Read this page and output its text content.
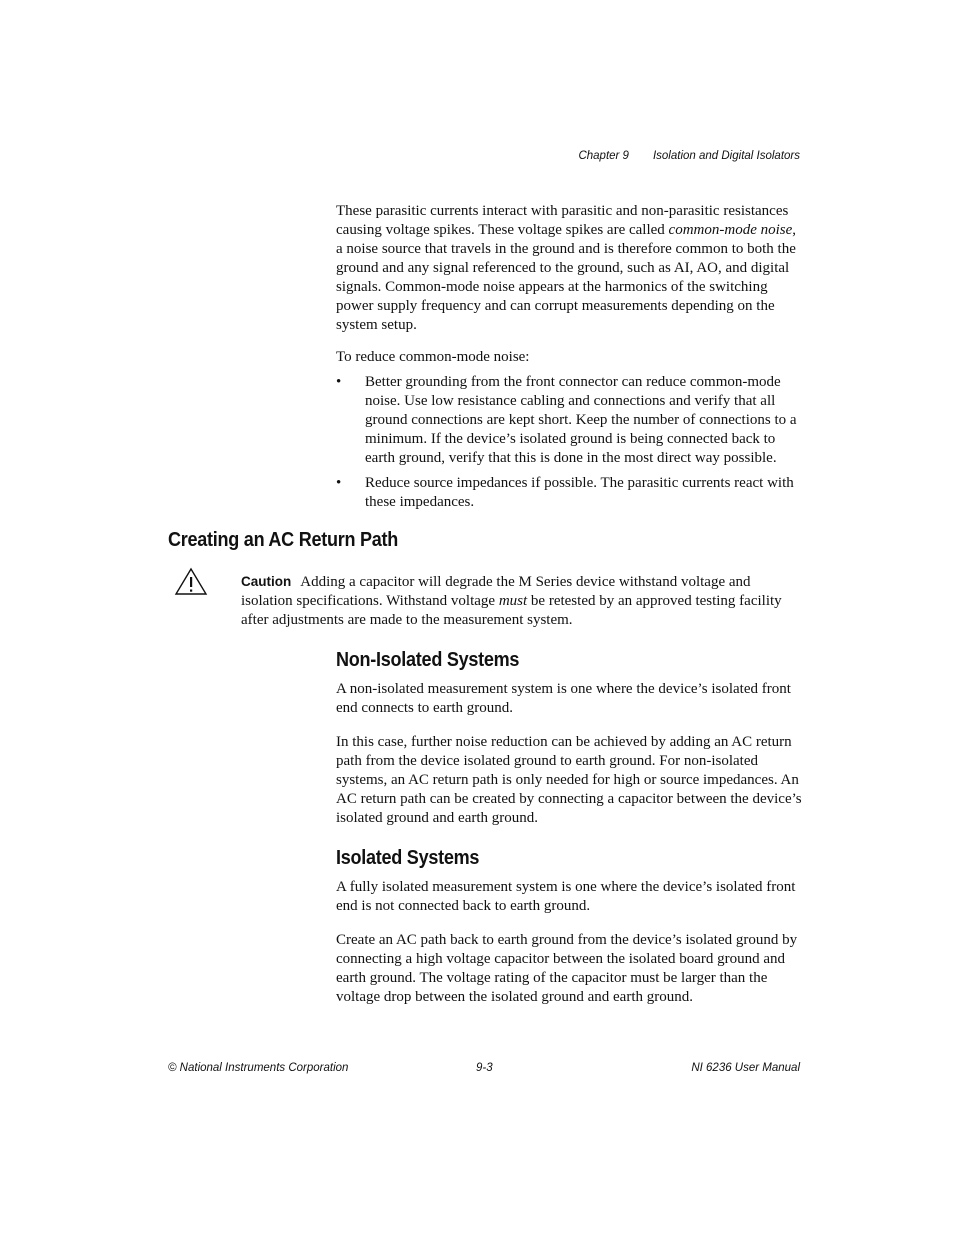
Chapter 9 Isolation and Digital Isolators

These parasitic currents interact with parasitic and non-parasitic resistances causing voltage spikes. These voltage spikes are called common-mode noise, a noise source that travels in the ground and is therefore common to both the ground and any signal referenced to the ground, such as AI, AO, and digital signals. Common-mode noise appears at the harmonics of the switching power supply frequency and can corrupt measurements depending on the system setup.

To reduce common-mode noise:

• Better grounding from the front connector can reduce common-mode noise. Use low resistance cabling and connections and verify that all ground connections are kept short. Keep the number of connections to a minimum. If the device’s isolated ground is being connected back to earth ground, verify that this is done in the most direct way possible.
• Reduce source impedances if possible. The parasitic currents react with these impedances.
Creating an AC Return Path

Caution Adding a capacitor will degrade the M Series device withstand voltage and isolation specifications. Withstand voltage must be retested by an approved testing facility after adjustments are made to the measurement system.

Non-Isolated Systems

A non-isolated measurement system is one where the device’s isolated front end connects to earth ground.

In this case, further noise reduction can be achieved by adding an AC return path from the device isolated ground to earth ground. For non-isolated systems, an AC return path is only needed for high or source impedances. An AC return path can be created by connecting a capacitor between the device’s isolated ground and earth ground.

Isolated Systems

A fully isolated measurement system is one where the device’s isolated front end is not connected back to earth ground.

Create an AC path back to earth ground from the device’s isolated ground by connecting a high voltage capacitor between the isolated board ground and earth ground. The voltage rating of the capacitor must be larger than the voltage drop between the isolated ground and earth ground.

© National Instruments Corporation	9-3	NI 6236 User Manual
